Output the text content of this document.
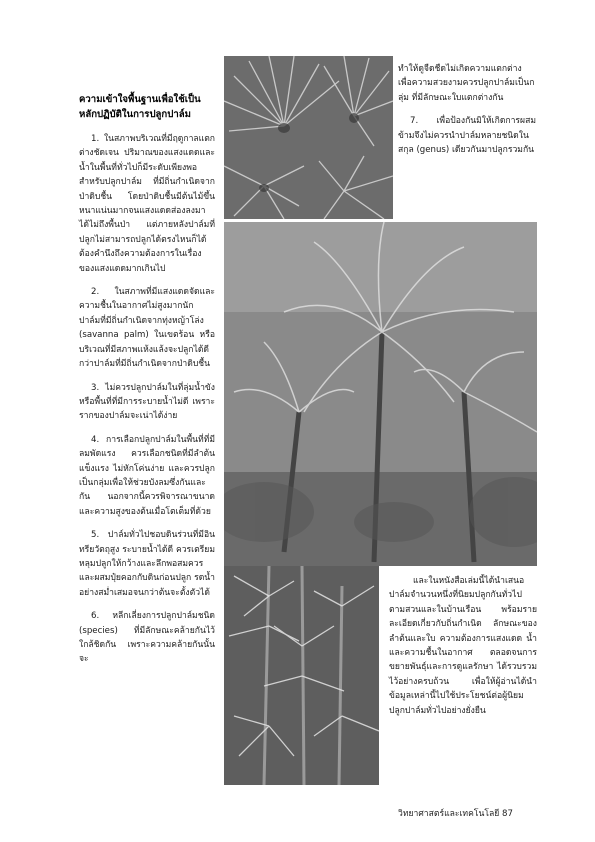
ความเข้าใจพื้นฐานเพื่อใช้เป็นหลักปฏิบัติในการปลูกปาล์ม

1. ในสภาพบริเวณที่มีฤดูกาลแตกต่างชัดเจน ปริมาณของแสงแดดและน้ำในพื้นที่ทั่วไปก็มีระดับเพียงพอสำหรับปลูกปาล์ม ที่มีถิ่นกำเนิดจากป่าดิบชื้น โดยป่าดิบชื้นมีต้นไม้ขึ้นหนาแน่นมากจนแสงแดดส่องลงมาได้ไม่ถึงพื้นป่า แต่ภายหลังปาล์มที่ปลูกไม่สามารถปลูกได้ตรงไหนก็ได้ ต้องคำนึงถึงความต้องการในเรื่องของแสงแดดมากเกินไป

2. ในสภาพที่มีแสงแดดจัดและความชื้นในอากาศไม่สูงมากนัก ปาล์มที่มีถิ่นกำเนิดจากทุ่งหญ้าโล่ง (savanna palm) ในเขตร้อน หรือบริเวณที่มีสภาพแห้งแล้งจะปลูกได้ดีกว่าปาล์มที่มีถิ่นกำเนิดจากป่าดิบชื้น

3. ไม่ควรปลูกปาล์มในที่ลุ่มน้ำขัง หรือพื้นที่ที่มีการระบายน้ำไม่ดี เพราะรากของปาล์มจะเน่าได้ง่าย

4. การเลือกปลูกปาล์มในพื้นที่ที่มีลมพัดแรง ควรเลือกชนิดที่มีลำต้นแข็งแรง ไม่หักโค่นง่าย และควรปลูกเป็นกลุ่มเพื่อให้ช่วยบังลมซึ่งกันและกัน นอกจากนี้ควรพิจารณาขนาดและความสูงของต้นเมื่อโตเต็มที่ด้วย

5. ปาล์มทั่วไปชอบดินร่วนที่มีอินทรียวัตถุสูง ระบายน้ำได้ดี ควรเตรียมหลุมปลูกให้กว้างและลึกพอสมควร และผสมปุ๋ยคอกกับดินก่อนปลูก รดน้ำอย่างสม่ำเสมอจนกว่าต้นจะตั้งตัวได้

6. หลีกเลี่ยงการปลูกปาล์มชนิด (species) ที่มีลักษณะคล้ายกันไว้ใกล้ชิดกัน เพราะความคล้ายกันนั้นจะ

ทำให้ดูจืดชืดไม่เกิดความแตกต่าง เพื่อความสวยงามควรปลูกปาล์มเป็นกลุ่ม ที่มีลักษณะใบแตกต่างกัน

7. เพื่อป้องกันมิให้เกิดการผสมข้ามจึงไม่ควรนำปาล์มหลายชนิดในสกุล (genus) เดียวกันมาปลูกรวมกัน

และในหนังสือเล่มนี้ได้นำเสนอปาล์มจำนวนหนึ่งที่นิยมปลูกกันทั่วไปตามสวนและในบ้านเรือน พร้อมรายละเอียดเกี่ยวกับถิ่นกำเนิด ลักษณะของลำต้นและใบ ความต้องการแสงแดด น้ำ และความชื้นในอากาศ ตลอดจนการขยายพันธุ์และการดูแลรักษา ได้รวบรวมไว้อย่างครบถ้วน เพื่อให้ผู้อ่านได้นำข้อมูลเหล่านี้ไปใช้ประโยชน์ต่อผู้นิยมปลูกปาล์มทั่วไปอย่างยั่งยืน

วิทยาศาสตร์และเทคโนโลยี 87
